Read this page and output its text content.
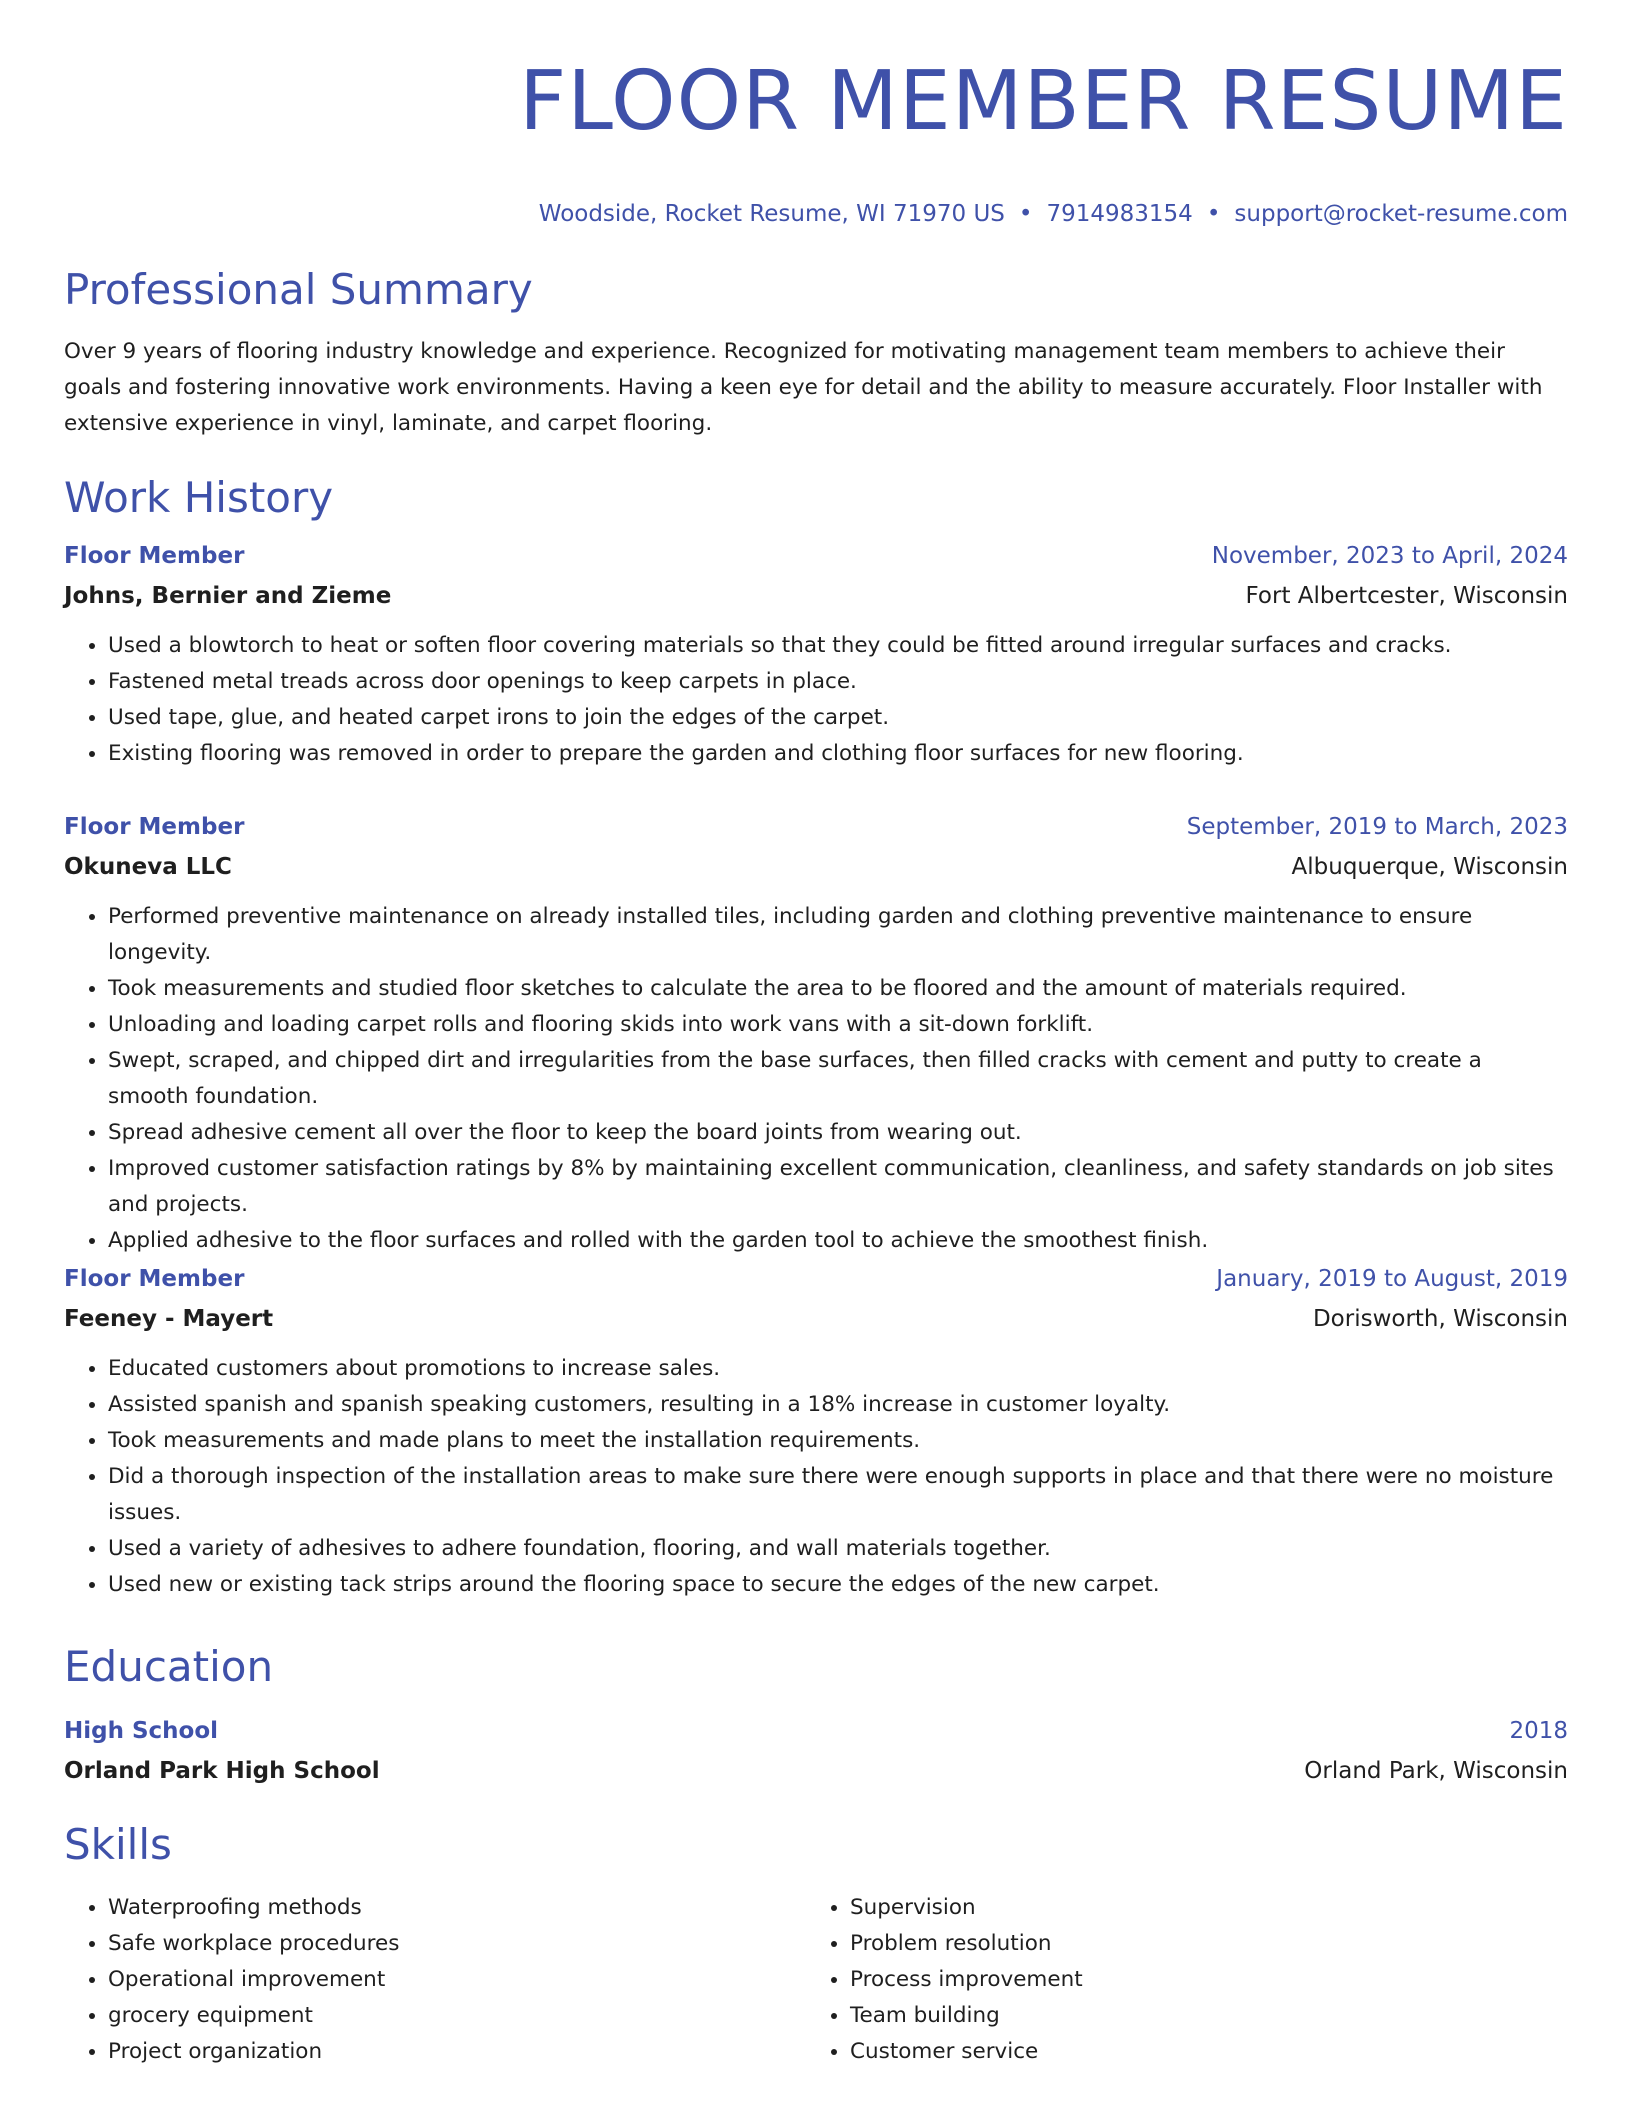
FLOOR MEMBER RESUME
Woodside, Rocket Resume, WI 71970 US • 7914983154 • support@rocket-resume.com
Professional Summary

Over 9 years of flooring industry knowledge and experience. Recognized for motivating management team members to achieve their goals and fostering innovative work environments. Having a keen eye for detail and the ability to measure accurately. Floor Installer with extensive experience in vinyl, laminate, and carpet flooring.

Work History
Floor Member	November, 2023 to April, 2024
Johns, Bernier and Zieme	Fort Albertcester, Wisconsin
• Used a blowtorch to heat or soften floor covering materials so that they could be fitted around irregular surfaces and cracks.
• Fastened metal treads across door openings to keep carpets in place.
• Used tape, glue, and heated carpet irons to join the edges of the carpet.
• Existing flooring was removed in order to prepare the garden and clothing floor surfaces for new flooring.
Floor Member	September, 2019 to March, 2023
Okuneva LLC	Albuquerque, Wisconsin
• Performed preventive maintenance on already installed tiles, including garden and clothing preventive maintenance to ensure longevity.
• Took measurements and studied floor sketches to calculate the area to be floored and the amount of materials required.
• Unloading and loading carpet rolls and flooring skids into work vans with a sit-down forklift.
• Swept, scraped, and chipped dirt and irregularities from the base surfaces, then filled cracks with cement and putty to create a smooth foundation.
• Spread adhesive cement all over the floor to keep the board joints from wearing out.
• Improved customer satisfaction ratings by 8% by maintaining excellent communication, cleanliness, and safety standards on job sites and projects.
• Applied adhesive to the floor surfaces and rolled with the garden tool to achieve the smoothest finish.
Floor Member	January, 2019 to August, 2019
Feeney - Mayert	Dorisworth, Wisconsin
• Educated customers about promotions to increase sales.
• Assisted spanish and spanish speaking customers, resulting in a 18% increase in customer loyalty.
• Took measurements and made plans to meet the installation requirements.
• Did a thorough inspection of the installation areas to make sure there were enough supports in place and that there were no moisture issues.
• Used a variety of adhesives to adhere foundation, flooring, and wall materials together.
• Used new or existing tack strips around the flooring space to secure the edges of the new carpet.
Education
High School	2018
Orland Park High School	Orland Park, Wisconsin
Skills
• Waterproofing methods
• Safe workplace procedures
• Operational improvement
• grocery equipment
• Project organization
• Supervision
• Problem resolution
• Process improvement
• Team building
• Customer service
